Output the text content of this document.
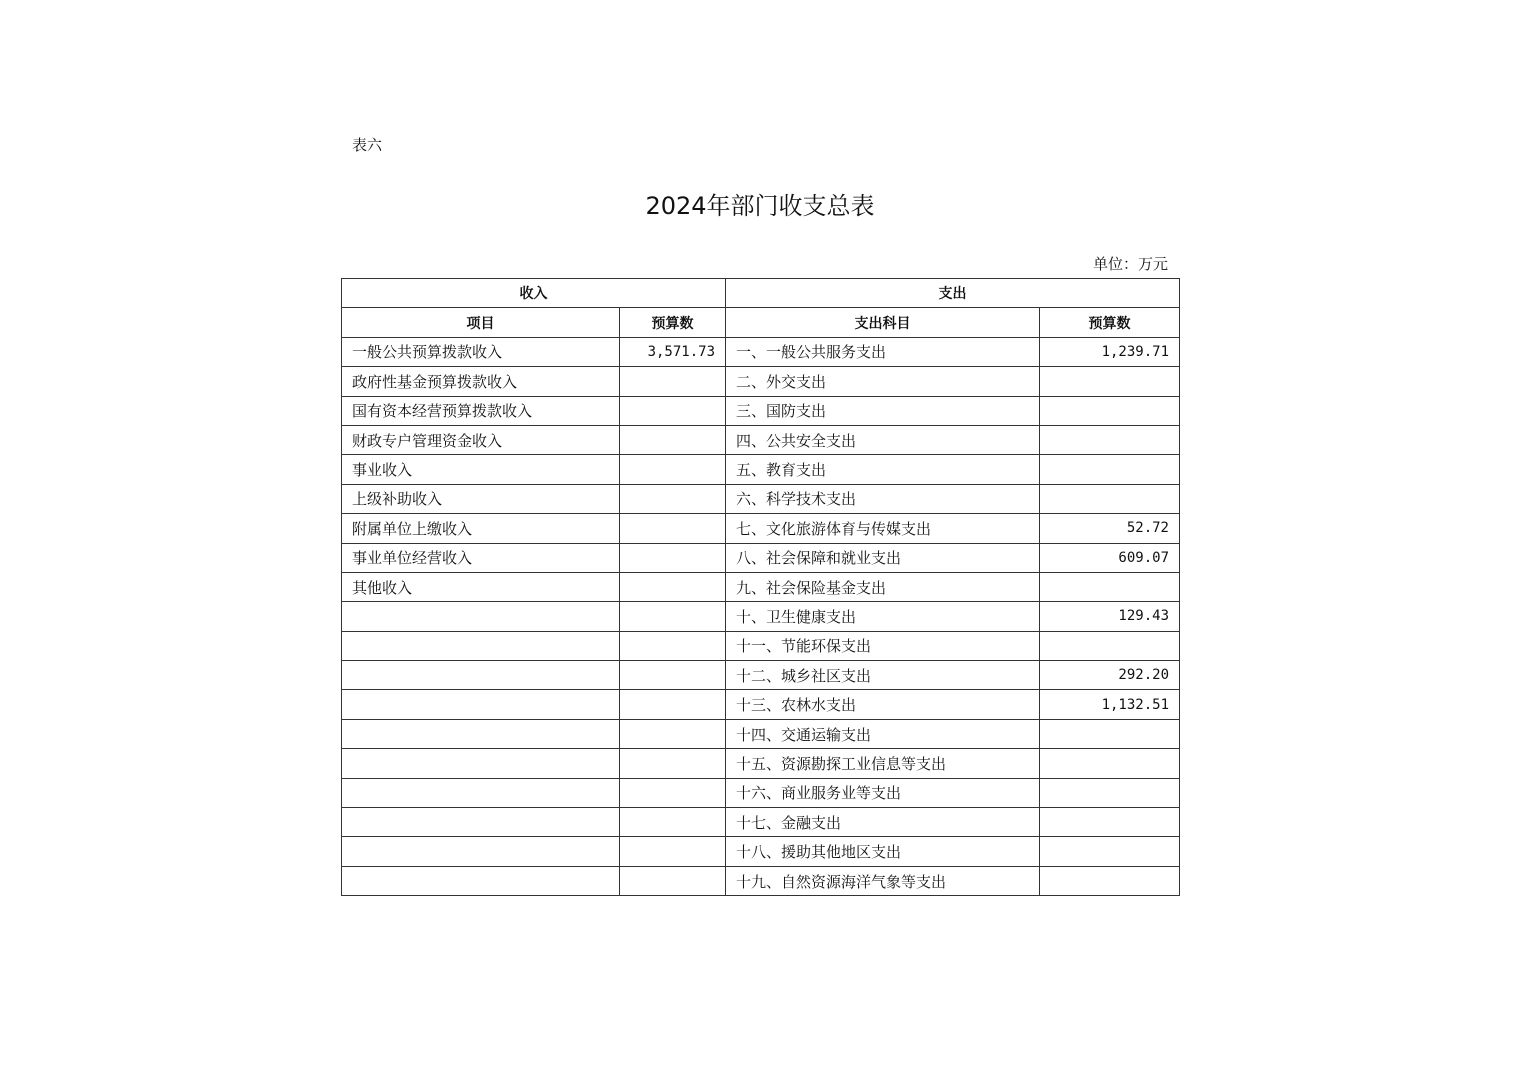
表六
2024年部门收支总表
单位：万元
收入		支出	
项目	预算数	支出科目	预算数
一般公共预算拨款收入	3,571.73	一、一般公共服务支出	1,239.71
政府性基金预算拨款收入		二、外交支出	
国有资本经营预算拨款收入		三、国防支出	
财政专户管理资金收入		四、公共安全支出	
事业收入		五、教育支出	
上级补助收入		六、科学技术支出	
附属单位上缴收入		七、文化旅游体育与传媒支出	52.72
事业单位经营收入		八、社会保障和就业支出	609.07
其他收入		九、社会保险基金支出	
		十、卫生健康支出	129.43
		十一、节能环保支出	
		十二、城乡社区支出	292.20
		十三、农林水支出	1,132.51
		十四、交通运输支出	
		十五、资源勘探工业信息等支出	
		十六、商业服务业等支出	
		十七、金融支出	
		十八、援助其他地区支出	
		十九、自然资源海洋气象等支出	
